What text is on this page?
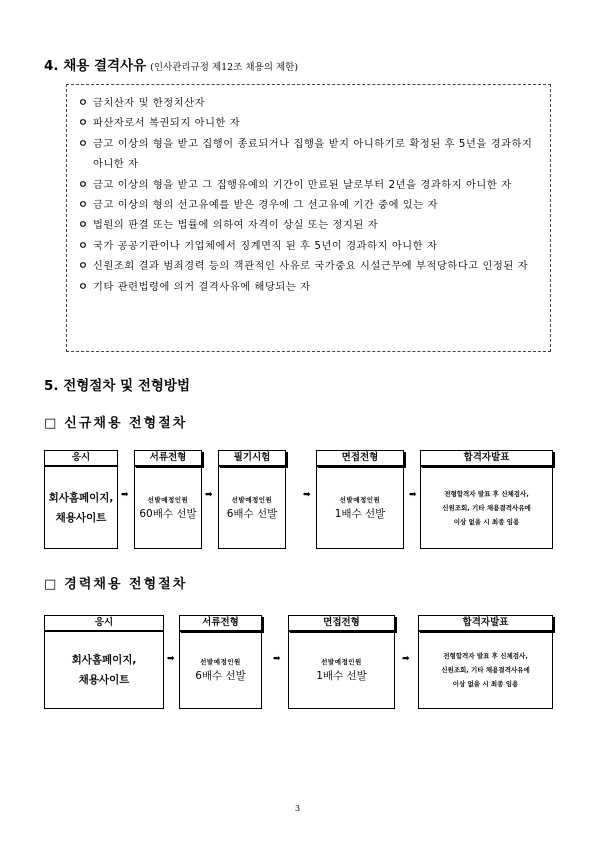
4. 채용 결격사유 (인사관리규정 제12조 채용의 제한)
ㅇ 금치산자 및 한정치산자
ㅇ 파산자로서 복권되지 아니한 자
ㅇ 금고 이상의 형을 받고 집행이 종료되거나 집행을 받지 아니하기로 확정된 후 5년을 경과하지 아니한 자
ㅇ 금고 이상의 형을 받고 그 집행유예의 기간이 만료된 날로부터 2년을 경과하지 아니한 자
ㅇ 금고 이상의 형의 선고유예를 받은 경우에 그 선고유예 기간 중에 있는 자
ㅇ 법원의 판결 또는 법률에 의하여 자격이 상실 또는 정지된 자
ㅇ 국가 공공기관이나 기업체에서 징계면직 된 후 5년이 경과하지 아니한 자
ㅇ 신원조회 결과 범죄경력 등의 객관적인 사유로 국가중요 시설근무에 부적당하다고 인정된 자
ㅇ 기타 관련법령에 의거 결격사유에 해당되는 자
5. 전형절차 및 전형방법
□ 신규채용 전형절차
응시
회사홈페이지,
채용사이트
➡
서류전형
선발예정인원
60배수 선발
➡
필기시험
선발예정인원
6배수 선발
➡
면접전형
선발예정인원
1배수 선발
➡
합격자발표
전형합격자 발표 후 신체검사,
신원조회, 기타 채용결격사유에
이상 없을 시 최종 임용
□ 경력채용 전형절차
응시
회사홈페이지,
채용사이트
➡
서류전형
선발예정인원
6배수 선발
➡
면접전형
선발예정인원
1배수 선발
➡
합격자발표
전형합격자 발표 후 신체검사,
신원조회, 기타 채용결격사유에
이상 없을 시 최종 임용
3
